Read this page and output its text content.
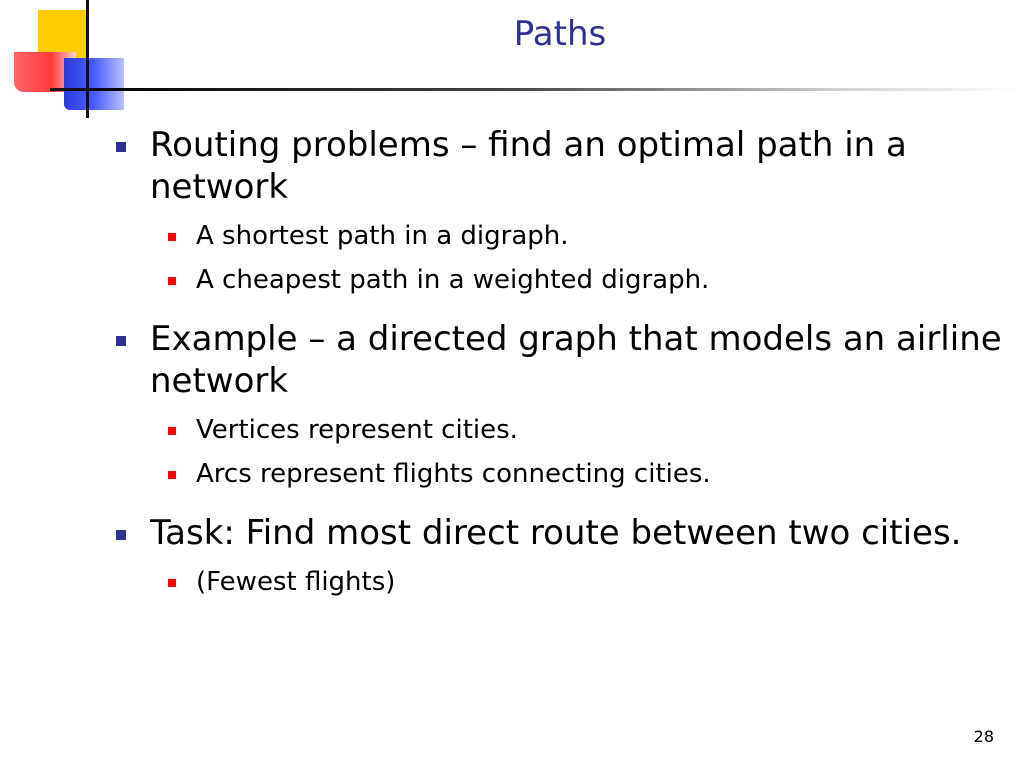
Paths
Routing problems – find an optimal path in a network
A shortest path in a digraph.
A cheapest path in a weighted digraph.
Example – a directed graph that models an airline network
Vertices represent cities.
Arcs represent flights connecting cities.
Task: Find most direct route between two cities.
(Fewest flights)
28
